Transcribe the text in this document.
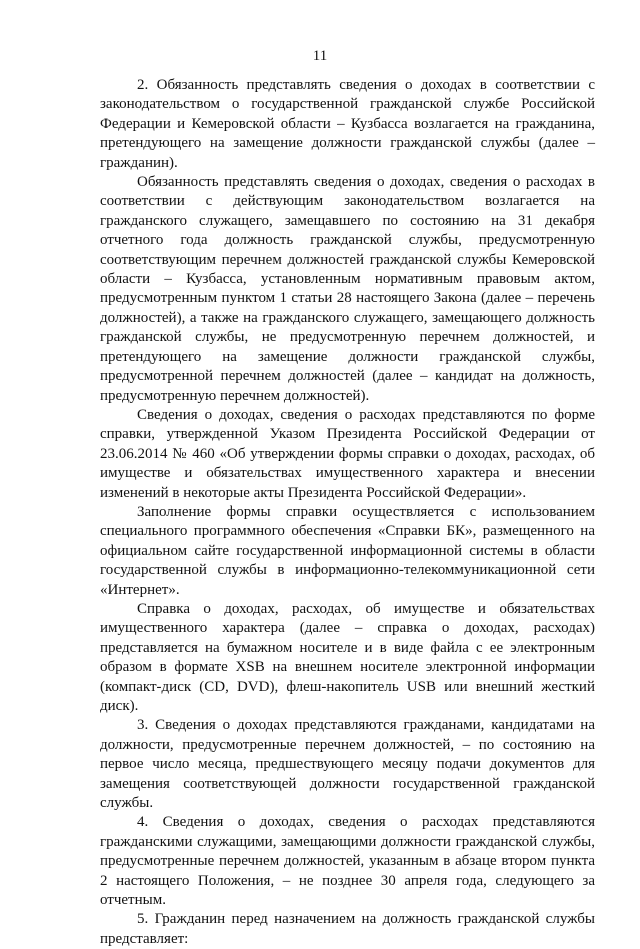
11

2. Обязанность представлять сведения о доходах в соответствии с законодательством о государственной гражданской службе Российской Федерации и Кемеровской области – Кузбасса возлагается на гражданина, претендующего на замещение должности гражданской службы (далее – гражданин).

Обязанность представлять сведения о доходах, сведения о расходах в соответствии с действующим законодательством возлагается на гражданского служащего, замещавшего по состоянию на 31 декабря отчетного года должность гражданской службы, предусмотренную соответствующим перечнем должностей гражданской службы Кемеровской области – Кузбасса, установленным нормативным правовым актом, предусмотренным пунктом 1 статьи 28 настоящего Закона (далее – перечень должностей), а также на гражданского служащего, замещающего должность гражданской службы, не предусмотренную перечнем должностей, и претендующего на замещение должности гражданской службы, предусмотренной перечнем должностей (далее – кандидат на должность, предусмотренную перечнем должностей).

Сведения о доходах, сведения о расходах представляются по форме справки, утвержденной Указом Президента Российской Федерации от 23.06.2014 № 460 «Об утверждении формы справки о доходах, расходах, об имуществе и обязательствах имущественного характера и внесении изменений в некоторые акты Президента Российской Федерации».

Заполнение формы справки осуществляется с использованием специального программного обеспечения «Справки БК», размещенного на официальном сайте государственной информационной системы в области государственной службы в информационно-телекоммуникационной сети «Интернет».

Справка о доходах, расходах, об имуществе и обязательствах имущественного характера (далее – справка о доходах, расходах) представляется на бумажном носителе и в виде файла с ее электронным образом в формате XSB на внешнем носителе электронной информации (компакт-диск (CD, DVD), флеш-накопитель USB или внешний жесткий диск).

3. Сведения о доходах представляются гражданами, кандидатами на должности, предусмотренные перечнем должностей, – по состоянию на первое число месяца, предшествующего месяцу подачи документов для замещения соответствующей должности государственной гражданской службы.

4. Сведения о доходах, сведения о расходах представляются гражданскими служащими, замещающими должности гражданской службы, предусмотренные перечнем должностей, указанным в абзаце втором пункта 2 настоящего Положения, – не позднее 30 апреля года, следующего за отчетным.

5. Гражданин перед назначением на должность гражданской службы представляет:
